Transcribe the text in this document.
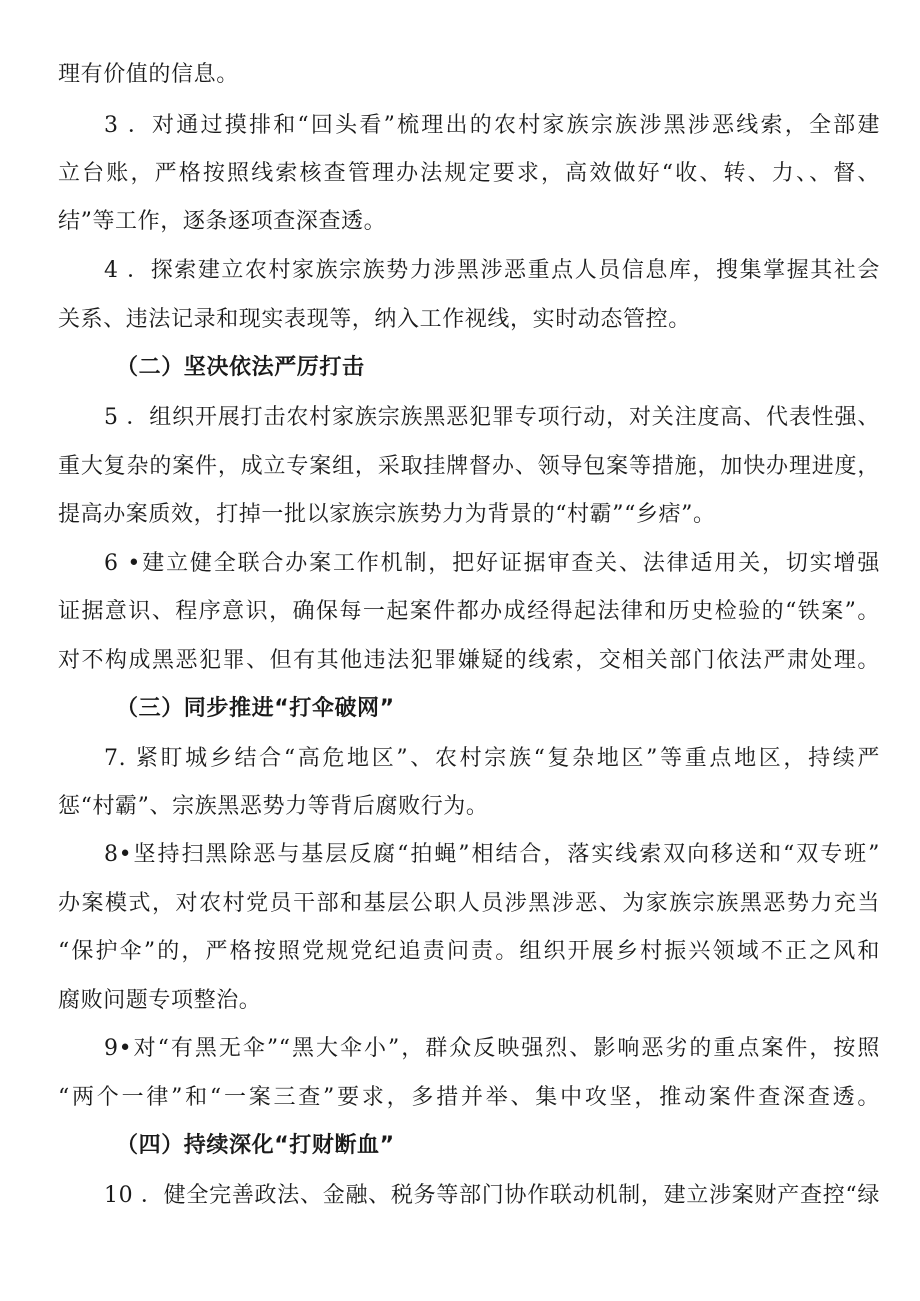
理有价值的信息。
3 ．对通过摸排和“回头看”梳理出的农村家族宗族涉黑涉恶线索，全部建
立台账，严格按照线索核查管理办法规定要求，高效做好“收、转、力、、督、
结”等工作，逐条逐项查深查透。
4 ．探索建立农村家族宗族势力涉黑涉恶重点人员信息库，搜集掌握其社会
关系、违法记录和现实表现等，纳入工作视线，实时动态管控。
（二）坚决依法严厉打击
5 ．组织开展打击农村家族宗族黑恶犯罪专项行动，对关注度高、代表性强、
重大复杂的案件，成立专案组，采取挂牌督办、领导包案等措施，加快办理进度，
提高办案质效，打掉一批以家族宗族势力为背景的“村霸”“乡痞”。
6 •建立健全联合办案工作机制，把好证据审查关、法律适用关，切实增强
证据意识、程序意识，确保每一起案件都办成经得起法律和历史检验的“铁案”。
对不构成黑恶犯罪、但有其他违法犯罪嫌疑的线索，交相关部门依法严肃处理。
（三）同步推进“打伞破网”
7. 紧盯城乡结合“高危地区”、农村宗族“复杂地区”等重点地区，持续严
惩“村霸”、宗族黑恶势力等背后腐败行为。
8•坚持扫黑除恶与基层反腐“拍蝇”相结合，落实线索双向移送和“双专班”
办案模式，对农村党员干部和基层公职人员涉黑涉恶、为家族宗族黑恶势力充当
“保护伞”的，严格按照党规党纪追责问责。组织开展乡村振兴领域不正之风和
腐败问题专项整治。
9•对“有黑无伞”“黑大伞小”，群众反映强烈、影响恶劣的重点案件，按照
“两个一律”和“一案三查”要求，多措并举、集中攻坚，推动案件查深查透。
（四）持续深化“打财断血”
10 ．健全完善政法、金融、税务等部门协作联动机制，建立涉案财产查控“绿
